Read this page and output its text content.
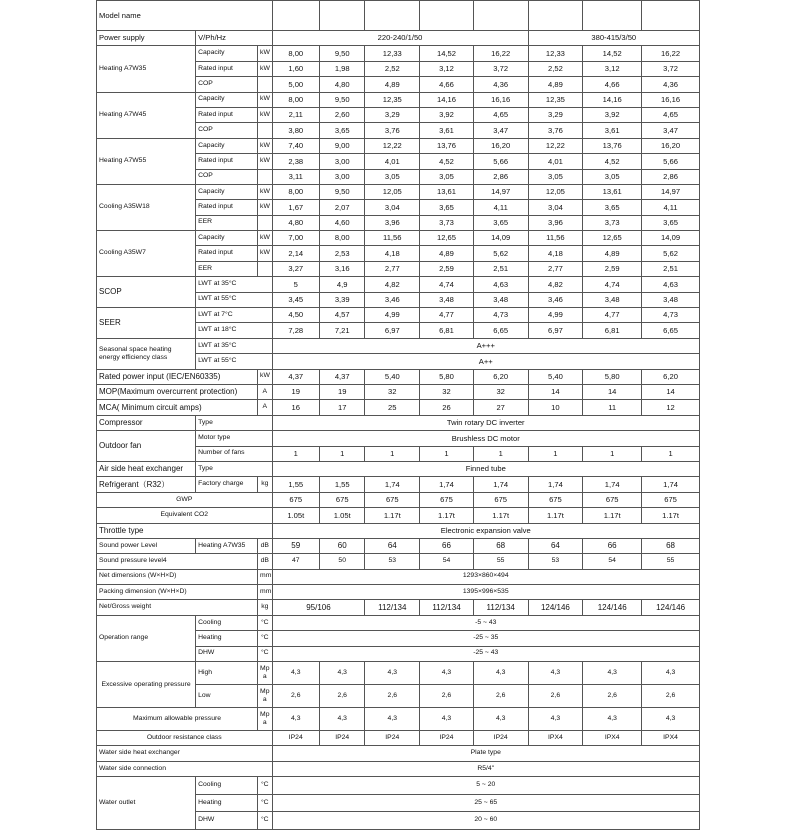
Model name										
Power supply	V/Ph/Hz		220-240/1/50					380-415/3/50		
Heating A7W35	Capacity	kW	8,00	9,50	12,33	14,52	16,22	12,33	14,52	16,22
	Rated input	kW	1,60	1,98	2,52	3,12	3,72	2,52	3,12	3,72
	COP		5,00	4,80	4,89	4,66	4,36	4,89	4,66	4,36
Heating A7W45	Capacity	kW	8,00	9,50	12,35	14,16	16,16	12,35	14,16	16,16
	Rated input	kW	2,11	2,60	3,29	3,92	4,65	3,29	3,92	4,65
	COP		3,80	3,65	3,76	3,61	3,47	3,76	3,61	3,47
Heating A7W55	Capacity	kW	7,40	9,00	12,22	13,76	16,20	12,22	13,76	16,20
	Rated input	kW	2,38	3,00	4,01	4,52	5,66	4,01	4,52	5,66
	COP		3,11	3,00	3,05	3,05	2,86	3,05	3,05	2,86
Cooling A35W18	Capacity	kW	8,00	9,50	12,05	13,61	14,97	12,05	13,61	14,97
	Rated input	kW	1,67	2,07	3,04	3,65	4,11	3,04	3,65	4,11
	EER		4,80	4,60	3,96	3,73	3,65	3,96	3,73	3,65
Cooling A35W7	Capacity	kW	7,00	8,00	11,56	12,65	14,09	11,56	12,65	14,09
	Rated input	kW	2,14	2,53	4,18	4,89	5,62	4,18	4,89	5,62
	EER		3,27	3,16	2,77	2,59	2,51	2,77	2,59	2,51
SCOP	LWT at 35°C		5	4,9	4,82	4,74	4,63	4,82	4,74	4,63
	LWT at 55°C		3,45	3,39	3,46	3,48	3,48	3,46	3,48	3,48
SEER	LWT at 7°C		4,50	4,57	4,99	4,77	4,73	4,99	4,77	4,73
	LWT at 18°C		7,28	7,21	6,97	6,81	6,65	6,97	6,81	6,65
Seasonal space heating energy efficiency class	LWT at 35°C		A+++							
	LWT at 55°C		A++							
Rated power input (IEC/EN60335)		kW	4,37	4,37	5,40	5,80	6,20	5,40	5,80	6,20
MOP(Maximum overcurrent protection)		A	19	19	32	32	32	14	14	14
MCA( Minimum circuit amps)		A	16	17	25	26	27	10	11	12
Compressor	Type		Twin rotary DC inverter							
Outdoor fan	Motor type		Brushless DC motor							
	Number of fans		1	1	1	1	1	1	1	1
Air side heat exchanger	Type		Finned tube							
Refrigerant（R32）	Factory charge	kg	1,55	1,55	1,74	1,74	1,74	1,74	1,74	1,74
GWP			675	675	675	675	675	675	675	675
Equivalent CO2			1.05t	1.05t	1.17t	1.17t	1.17t	1.17t	1.17t	1.17t
Throttle type			Electronic expansion valve							
Sound power Level	Heating A7W35	dB	59	60	64	66	68	64	66	68
Sound pressure level4		dB	47	50	53	54	55	53	54	55
Net dimensions (W×H×D)		mm	1293×860×494							
Packing dimension (W×H×D)		mm	1395×996×535							
Net/Gross weight		kg	95/106		112/134	112/134	112/134	124/146	124/146	124/146
Operation range	Cooling	°C	-5 ~ 43							
	Heating	°C	-25 ~ 35							
	DHW	°C	-25 ~ 43							
Excessive operating pressure	High	Mp a	4,3	4,3	4,3	4,3	4,3	4,3	4,3	4,3
	Low	Mp a	2,6	2,6	2,6	2,6	2,6	2,6	2,6	2,6
Maximum allowable pressure		Mp a	4,3	4,3	4,3	4,3	4,3	4,3	4,3	4,3
Outdoor resistance class			IP24	IP24	IP24	IP24	IP24	IPX4	IPX4	IPX4
Water side heat exchanger			Plate type							
Water side connection			R5/4"							
Water outlet	Cooling	°C	5 ~ 20							
	Heating	°C	25 ~ 65							
	DHW	°C	20 ~ 60							
